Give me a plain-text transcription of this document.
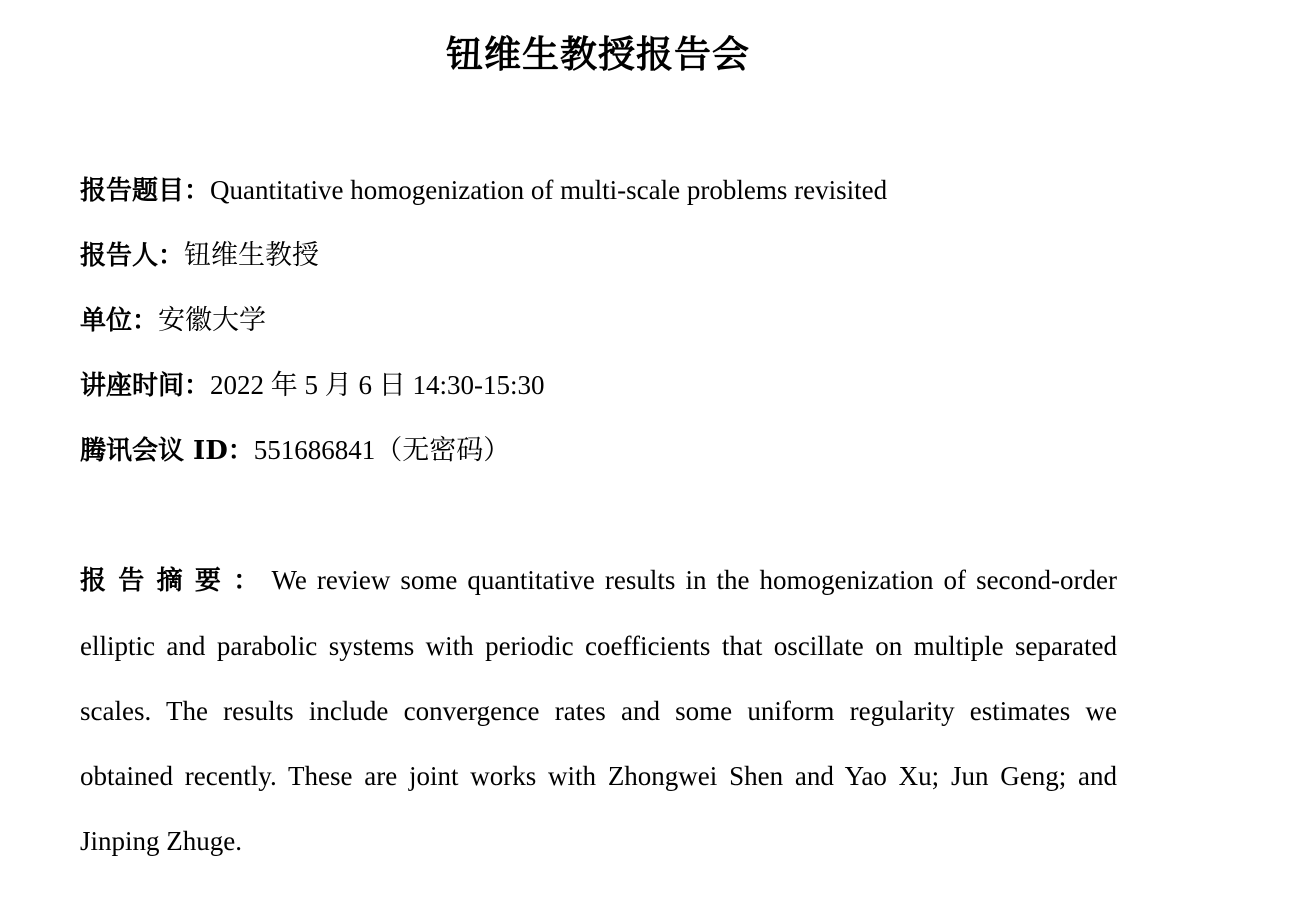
钮维生教授报告会
报告题目：Quantitative homogenization of multi-scale problems revisited
报告人：钮维生教授
单位：安徽大学
讲座时间：2022 年 5 月 6 日 14:30-15:30
腾讯会议 ID：551686841（无密码）
报告摘要：We review some quantitative results in the homogenization of second-order elliptic and parabolic systems with periodic coefficients that oscillate on multiple separated scales. The results include convergence rates and some uniform regularity estimates we obtained recently. These are joint works with Zhongwei Shen and Yao Xu; Jun Geng; and Jinping Zhuge.
